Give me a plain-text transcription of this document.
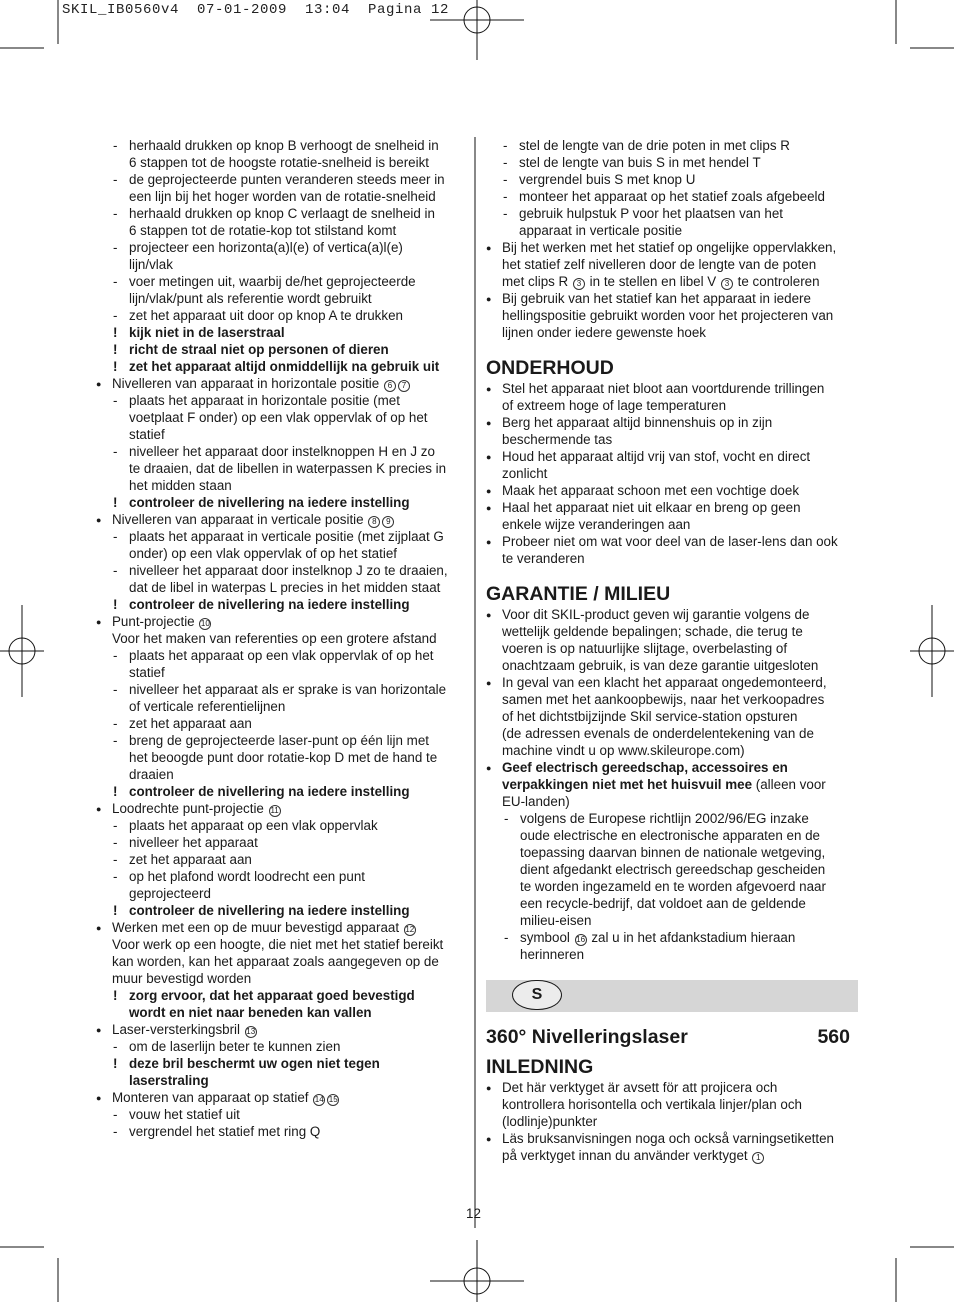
SKIL_IB0560v4  07-01-2009  13:04  Pagina 12
- herhaald drukken op knop B verhoogt de snelheid in
6 stappen tot de hoogste rotatie-snelheid is bereikt
- de geprojecteerde punten veranderen steeds meer in
een lijn bij het hoger worden van de rotatie-snelheid
- herhaald drukken op knop C verlaagt de snelheid in
6 stappen tot de rotatie-kop tot stilstand komt
- projecteer een horizonta(a)l(e) of vertica(a)l(e)
lijn/vlak
- voer metingen uit, waarbij de/het geprojecteerde
lijn/vlak/punt als referentie wordt gebruikt
- zet het apparaat uit door op knop A te drukken
! kijk niet in de laserstraal
! richt de straal niet op personen of dieren
! zet het apparaat altijd onmiddellijk na gebruik uit
● Nivelleren van apparaat in horizontale positie 6 7
- plaats het apparaat in horizontale positie (met
voetplaat F onder) op een vlak oppervlak of op het
statief
- nivelleer het apparaat door instelknoppen H en J zo
te draaien, dat de libellen in waterpassen K precies in
het midden staan
! controleer de nivellering na iedere instelling
● Nivelleren van apparaat in verticale positie 8 9
- plaats het apparaat in verticale positie (met zijplaat G
onder) op een vlak oppervlak of op het statief
- nivelleer het apparaat door instelknop J zo te draaien,
dat de libel in waterpas L precies in het midden staat
! controleer de nivellering na iedere instelling
● Punt-projectie 10
Voor het maken van referenties op een grotere afstand
- plaats het apparaat op een vlak oppervlak of op het
statief
- nivelleer het apparaat als er sprake is van horizontale
of verticale referentielijnen
- zet het apparaat aan
- breng de geprojecteerde laser-punt op één lijn met
het beoogde punt door rotatie-kop D met de hand te
draaien
! controleer de nivellering na iedere instelling
● Loodrechte punt-projectie 11
- plaats het apparaat op een vlak oppervlak
- nivelleer het apparaat
- zet het apparaat aan
- op het plafond wordt loodrecht een punt
geprojecteerd
! controleer de nivellering na iedere instelling
● Werken met een op de muur bevestigd apparaat 12
Voor werk op een hoogte, die niet met het statief bereikt
kan worden, kan het apparaat zoals aangegeven op de
muur bevestigd worden
! zorg ervoor, dat het apparaat goed bevestigd
wordt en niet naar beneden kan vallen
● Laser-versterkingsbril 13
- om de laserlijn beter te kunnen zien
! deze bril beschermt uw ogen niet tegen
laserstraling
● Monteren van apparaat op statief 14 15
- vouw het statief uit
- vergrendel het statief met ring Q
- stel de lengte van de drie poten in met clips R
- stel de lengte van buis S in met hendel T
- vergrendel buis S met knop U
- monteer het apparaat op het statief zoals afgebeeld
- gebruik hulpstuk P voor het plaatsen van het
apparaat in verticale positie
● Bij het werken met het statief op ongelijke oppervlakken,
het statief zelf nivelleren door de lengte van de poten
met clips R 3 in te stellen en libel V 3 te controleren
● Bij gebruik van het statief kan het apparaat in iedere
hellingspositie gebruikt worden voor het projecteren van
lijnen onder iedere gewenste hoek
ONDERHOUD
● Stel het apparaat niet bloot aan voortdurende trillingen
of extreem hoge of lage temperaturen
● Berg het apparaat altijd binnenshuis op in zijn
beschermende tas
● Houd het apparaat altijd vrij van stof, vocht en direct
zonlicht
● Maak het apparaat schoon met een vochtige doek
● Haal het apparaat niet uit elkaar en breng op geen
enkele wijze veranderingen aan
● Probeer niet om wat voor deel van de laser-lens dan ook
te veranderen
GARANTIE / MILIEU
● Voor dit SKIL-product geven wij garantie volgens de
wettelijk geldende bepalingen; schade, die terug te
voeren is op natuurlijke slijtage, overbelasting of
onachtzaam gebruik, is van deze garantie uitgesloten
● In geval van een klacht het apparaat ongedemonteerd,
samen met het aankoopbewijs, naar het verkoopadres
of het dichtstbijzijnde Skil service-station opsturen
(de adressen evenals de onderdelentekening van de
machine vindt u op www.skileurope.com)
● Geef electrisch gereedschap, accessoires en
verpakkingen niet met het huisvuil mee (alleen voor
EU-landen)
- volgens de Europese richtlijn 2002/96/EG inzake
oude electrische en electronische apparaten en de
toepassing daarvan binnen de nationale wetgeving,
dient afgedankt electrisch gereedschap gescheiden
te worden ingezameld en te worden afgevoerd naar
een recycle-bedrijf, dat voldoet aan de geldende
milieu-eisen
- symbool 16 zal u in het afdankstadium hieraan
herinneren
S
360° Nivelleringslaser	560
INLEDNING
● Det här verktyget är avsett för att projicera och
kontrollera horisontella och vertikala linjer/plan och
(lodlinje)punkter
● Läs bruksanvisningen noga och också varningsetiketten
på verktyget innan du använder verktyget 1
12
